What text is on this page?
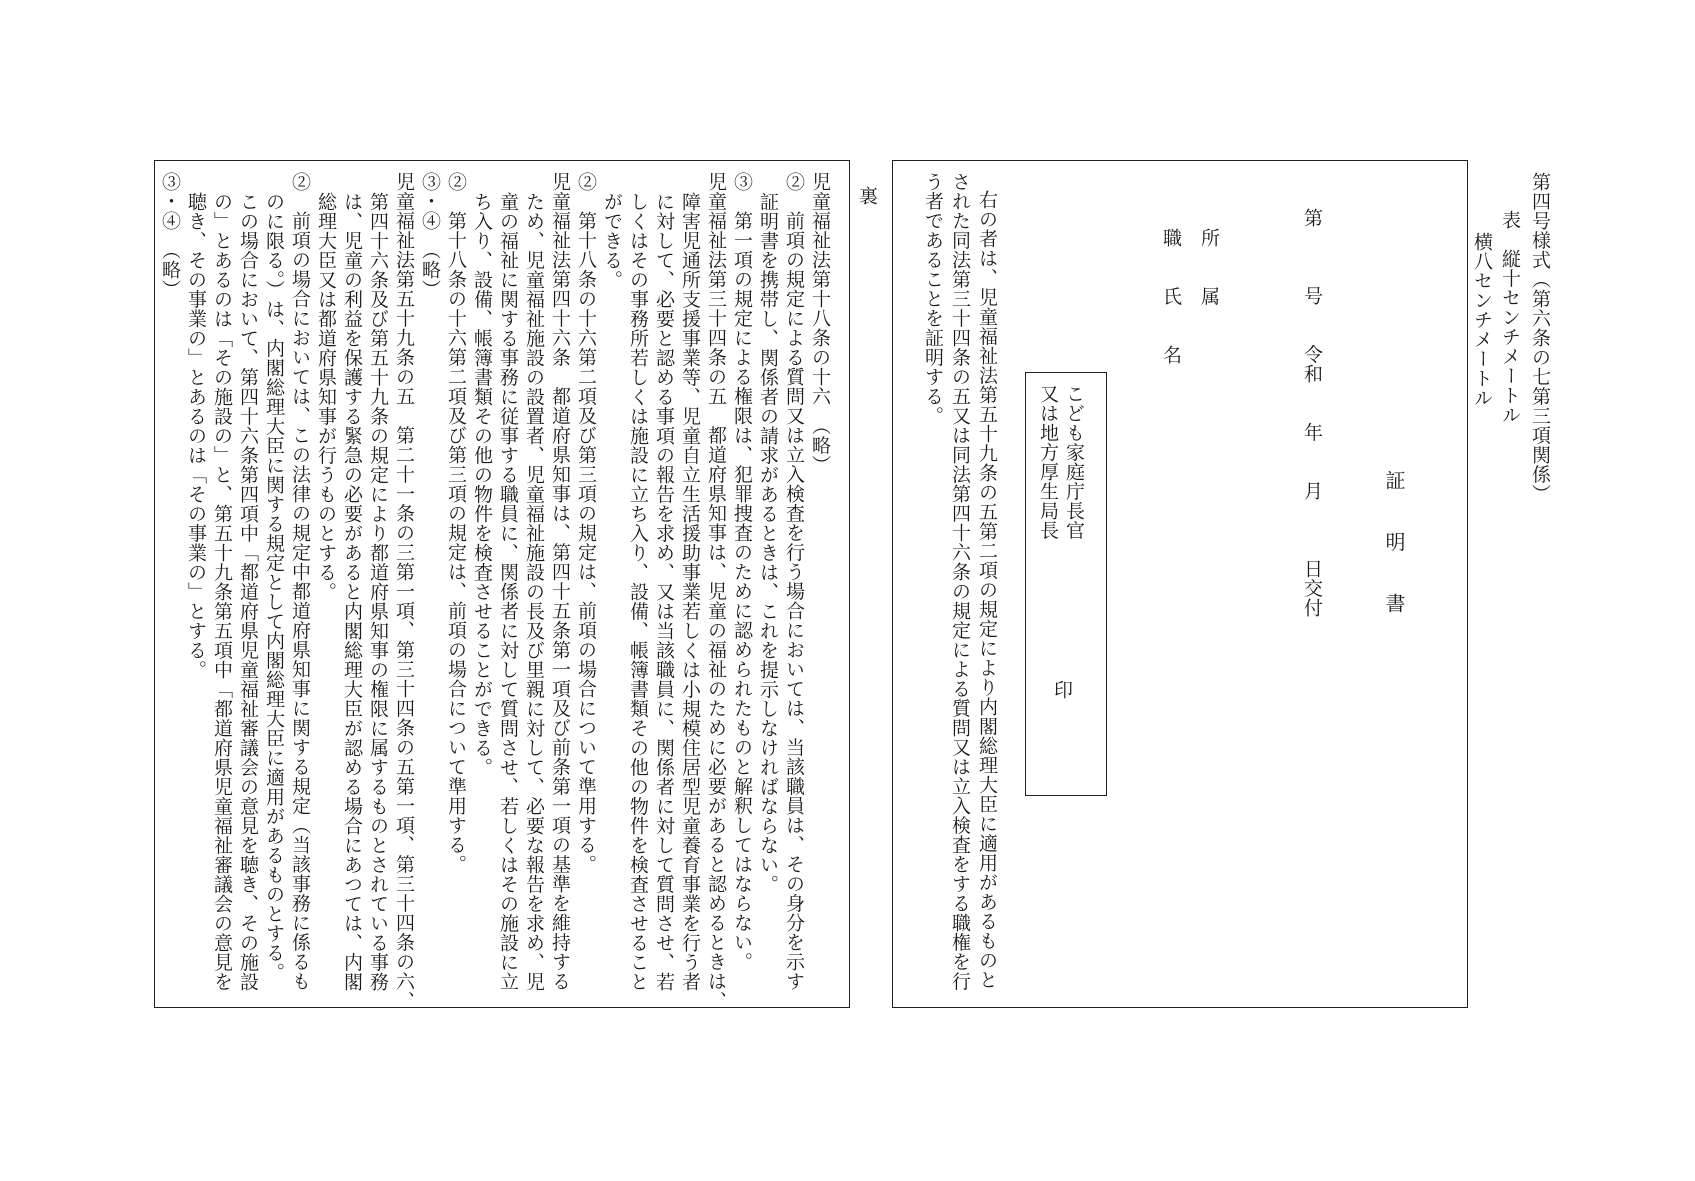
第四号様式（第六条の七第三項関係）
表　縦十センチメートル
横八センチメートル
証　　明　　書
第　　　号　　令和　　年　　月　　　日交付
所　　属
職　　氏　　名
こども家庭庁長官
又は地方厚生局長
印
右の者は、児童福祉法第五十九条の五第二項の規定により内閣総理大臣に適用があるものと
された同法第三十四条の五又は同法第四十六条の規定による質問又は立入検査をする職権を行
う者であることを証明する。
裏
児童福祉法第十八条の十六　（略）
②　前項の規定による質問又は立入検査を行う場合においては、当該職員は、その身分を示す
証明書を携帯し、関係者の請求があるときは、これを提示しなければならない。
③　第一項の規定による権限は、犯罪捜査のために認められたものと解釈してはならない。
児童福祉法第三十四条の五　都道府県知事は、児童の福祉のために必要があると認めるときは、
障害児通所支援事業等、児童自立生活援助事業若しくは小規模住居型児童養育事業を行う者
に対して、必要と認める事項の報告を求め、又は当該職員に、関係者に対して質問させ、若
しくはその事務所若しくは施設に立ち入り、設備、帳簿書類その他の物件を検査させること
ができる。
②　第十八条の十六第二項及び第三項の規定は、前項の場合について準用する。
児童福祉法第四十六条　都道府県知事は、第四十五条第一項及び前条第一項の基準を維持する
ため、児童福祉施設の設置者、児童福祉施設の長及び里親に対して、必要な報告を求め、児
童の福祉に関する事務に従事する職員に、関係者に対して質問させ、若しくはその施設に立
ち入り、設備、帳簿書類その他の物件を検査させることができる。
②　第十八条の十六第二項及び第三項の規定は、前項の場合について準用する。
③・④　（略）
児童福祉法第五十九条の五　第二十一条の三第一項、第三十四条の五第一項、第三十四条の六、
第四十六条及び第五十九条の規定により都道府県知事の権限に属するものとされている事務
は、児童の利益を保護する緊急の必要があると内閣総理大臣が認める場合にあつては、内閣
総理大臣又は都道府県知事が行うものとする。
②　前項の場合においては、この法律の規定中都道府県知事に関する規定（当該事務に係るも
のに限る。）は、内閣総理大臣に関する規定として内閣総理大臣に適用があるものとする。
この場合において、第四十六条第四項中「都道府県児童福祉審議会の意見を聴き、その施設
の」とあるのは「その施設の」と、第五十九条第五項中「都道府県児童福祉審議会の意見を
聴き、その事業の」とあるのは「その事業の」とする。
③・④　（略）
